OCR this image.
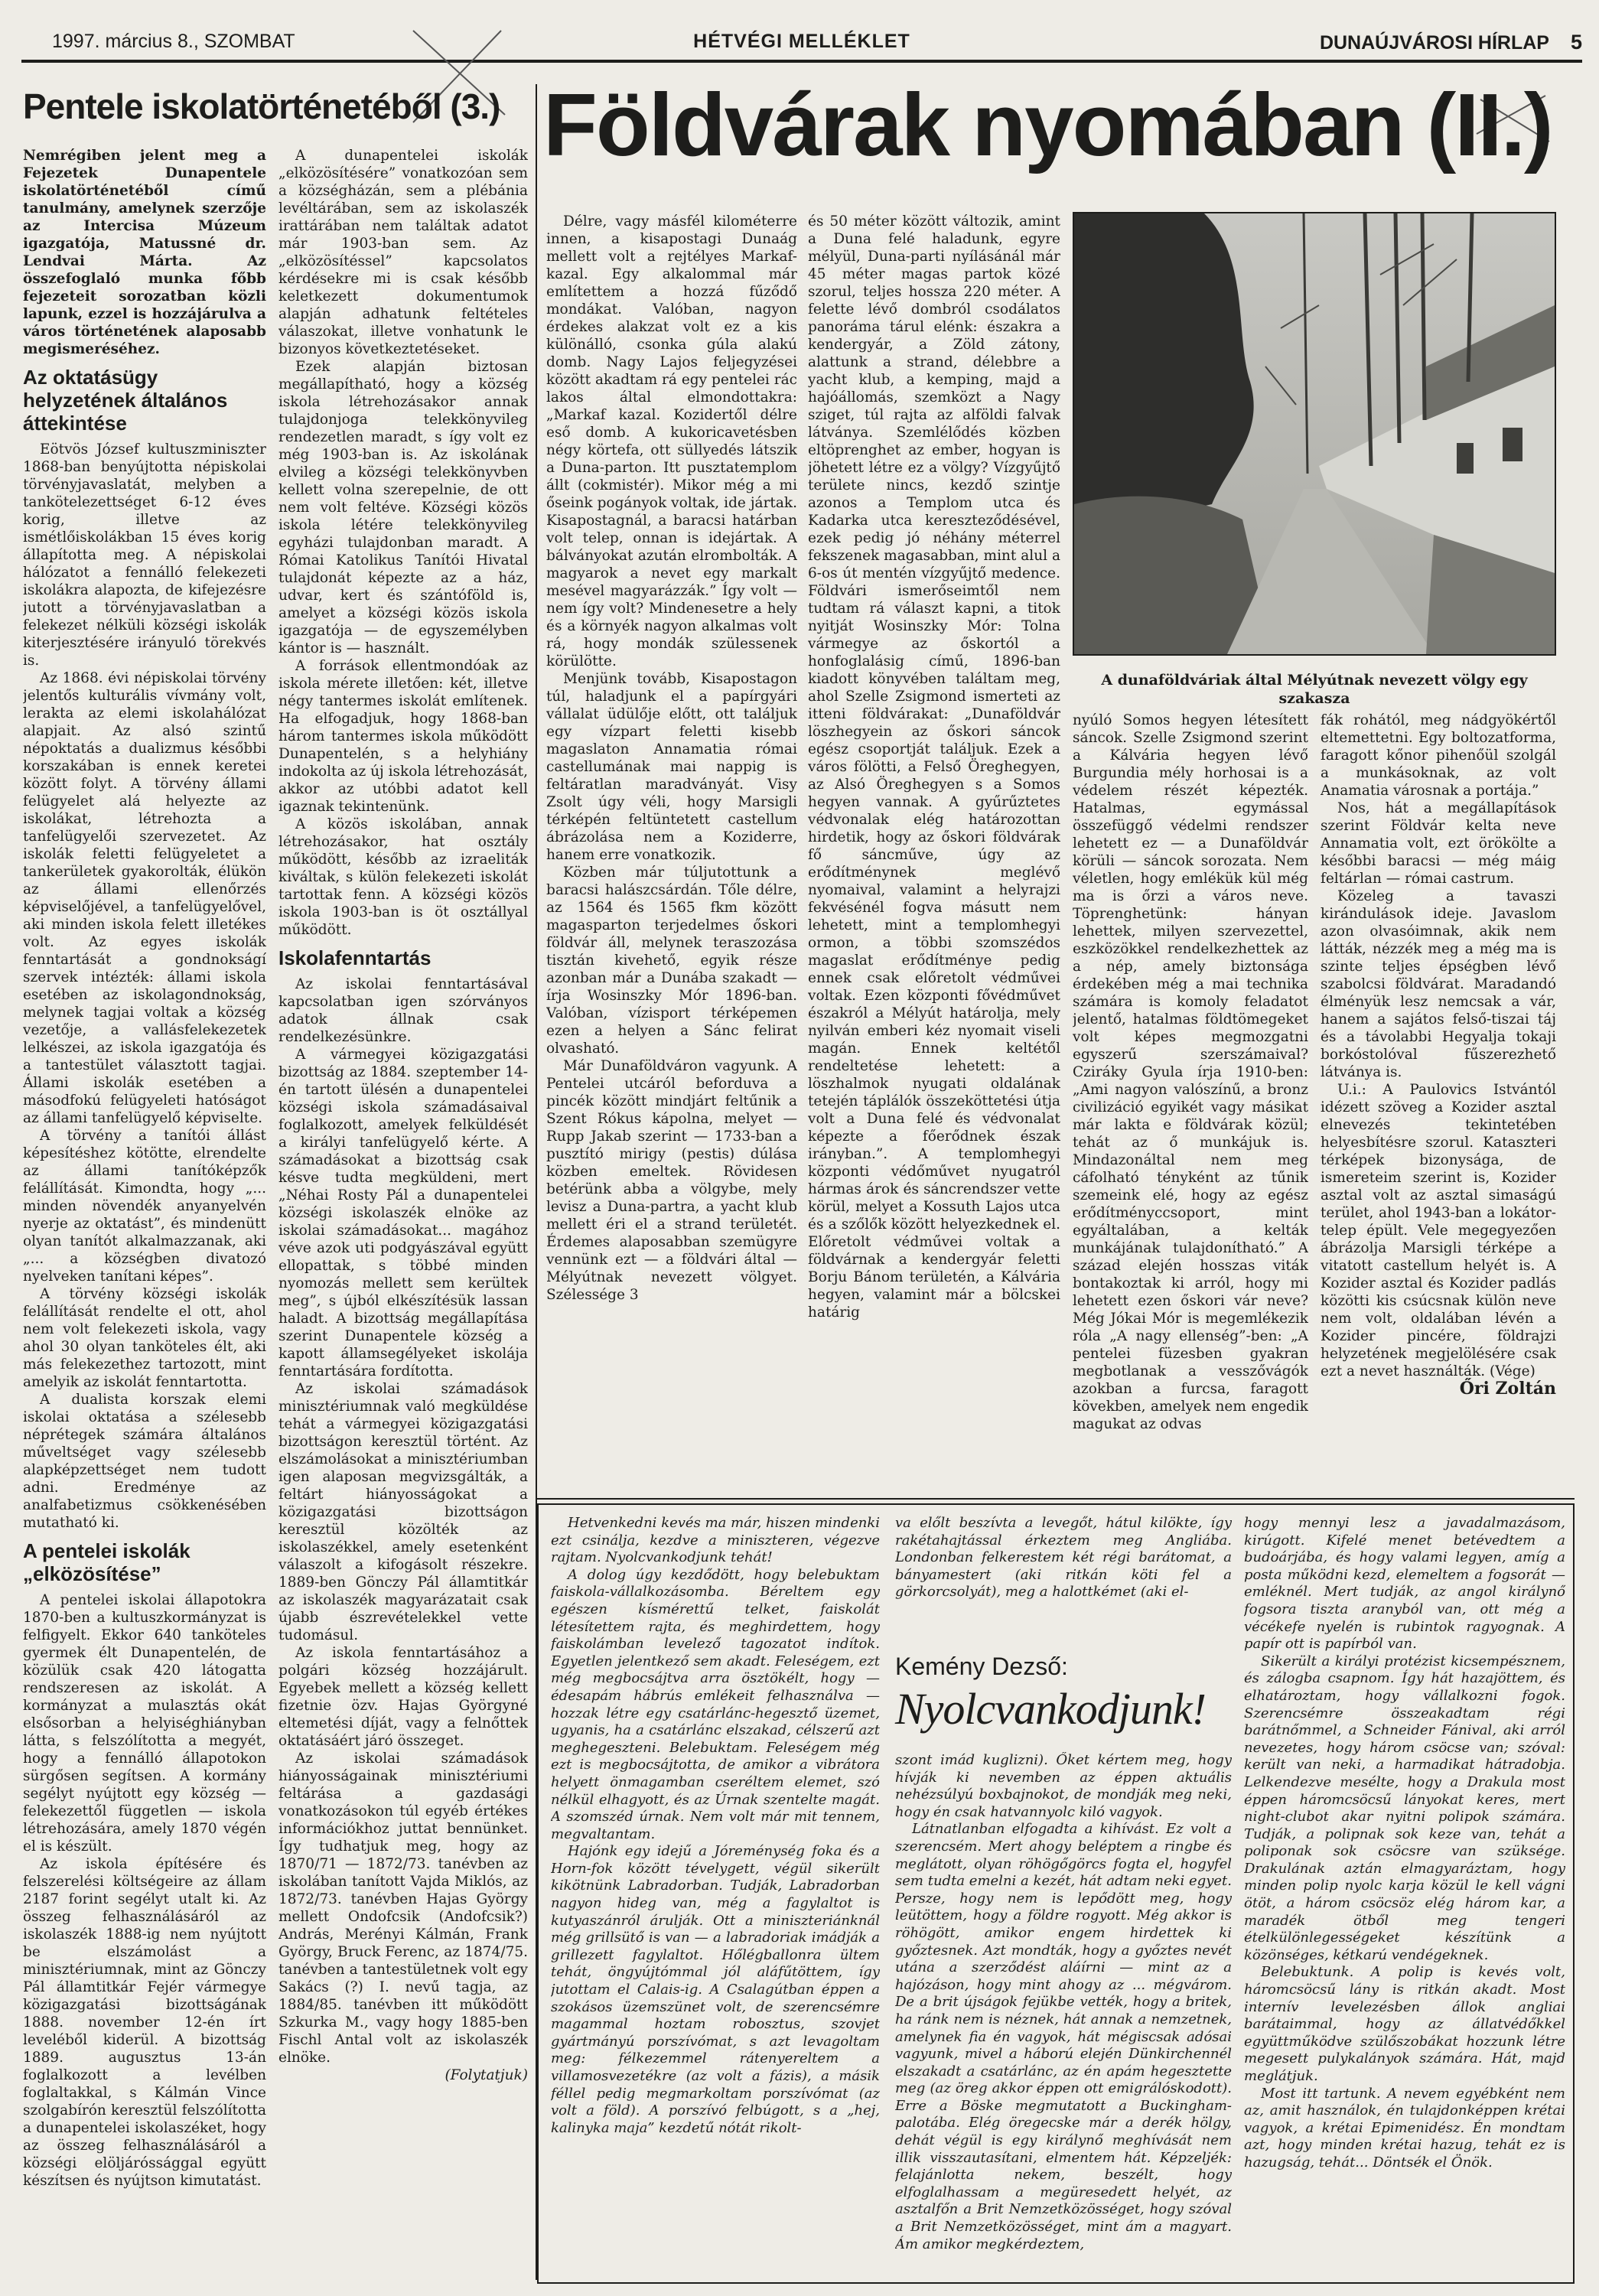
1997. március 8., SZOMBAT	HÉTVÉGI MELLÉKLET	DUNAÚJVÁROSI HÍRLAP 5
Pentele iskolatörténetéből (3.)

Nemrégiben jelent meg a Fejezetek Dunapentele iskolatörténetéből című tanulmány, amelynek szerzője az Intercisa Múzeum igazgatója, Matussné dr. Lendvai Márta. Az összefoglaló munka főbb fejezeteit sorozatban közli lapunk, ezzel is hozzájárulva a város történetének alaposabb megismeréséhez.

Az oktatásügy helyzetének általános áttekintése

Eötvös József kultuszminiszter 1868-ban benyújtotta népiskolai törvényjavaslatát, melyben a tankötelezettséget 6-12 éves korig, illetve az ismétlőiskolákban 15 éves korig állapította meg. A népiskolai hálózatot a fennálló felekezeti iskolákra alapozta, de kifejezésre jutott a törvényjavaslatban a felekezet nélküli községi iskolák kiterjesztésére irányuló törekvés is.

Az 1868. évi népiskolai törvény jelentős kulturális vívmány volt, lerakta az elemi iskolahálózat alapjait. Az alsó szintű népoktatás a dualizmus későbbi korszakában is ennek keretei között folyt. A törvény állami felügyelet alá helyezte az iskolákat, létrehozta a tanfelügyelői szervezetet. Az iskolák feletti felügyeletet a tankerületek gyakorolták, élükön az állami ellenőrzés képviselőjével, a tanfelügyelővel, aki minden iskola felett illetékes volt. Az egyes iskolák fenntartását a gondnokságí szervek intézték: állami iskola esetében az iskolagondnokság, melynek tagjai voltak a község vezetője, a vallásfelekezetek lelkészei, az iskola igazgatója és a tantestület választott tagjai. Állami iskolák esetében a másodfokú felügyeleti hatóságot az állami tanfelügyelő képviselte.

A törvény a tanítói állást képesítéshez kötötte, elrendelte az állami tanítóképzők felállítását. Kimondta, hogy „... minden növendék anyanyelvén nyerje az oktatást”, és mindenütt olyan tanítót alkalmazzanak, aki „... a községben divatozó nyelveken tanítani képes”.

A törvény községi iskolák felállítását rendelte el ott, ahol nem volt felekezeti iskola, vagy ahol 30 olyan tanköteles élt, aki más felekezethez tartozott, mint amelyik az iskolát fenntartotta.

A dualista korszak elemi iskolai oktatása a szélesebb néprétegek számára általános műveltséget vagy szélesebb alapképzettséget nem tudott adni. Eredménye az analfabetizmus csökkenésében mutatható ki.

A pentelei iskolák „elközösítése”

A pentelei iskolai állapotokra 1870-ben a kultuszkormányzat is felfigyelt. Ekkor 640 tanköteles gyermek élt Dunapentelén, de közülük csak 420 látogatta rendszeresen az iskolát. A kormányzat a mulasztás okát elsősorban a helyiséghiányban látta, s felszólította a megyét, hogy a fennálló állapotokon sürgősen segítsen. A kormány segélyt nyújtott egy község — felekezettől független — iskola létrehozására, amely 1870 végén el is készült.

Az iskola építésére és felszerelési költségeire az állam 2187 forint segélyt utalt ki. Az összeg felhasználásáról az iskolaszék 1888-ig nem nyújtott be elszámolást a minisztériumnak, mint az Gönczy Pál államtitkár Fejér vármegye közigazgatási bizottságának 1888. november 12-én írt leveléből kiderül. A bizottság 1889. augusztus 13-án foglalkozott a levélben foglaltakkal, s Kálmán Vince szolgabírón keresztül felszólította a dunapentelei iskolaszéket, hogy az összeg felhasználásáról a községi elöljáróssággal együtt készítsen és nyújtson kimutatást.

A dunapentelei iskolák „elközösítésére” vonatkozóan sem a községházán, sem a plébánia levéltárában, sem az iskolaszék irattárában nem találtak adatot már 1903-ban sem. Az „elközösítéssel” kapcsolatos kérdésekre mi is csak később keletkezett dokumentumok alapján adhatunk feltételes válaszokat, illetve vonhatunk le bizonyos következtetéseket.

Ezek alapján biztosan megállapítható, hogy a község iskola létrehozásakor annak tulajdonjoga telekkönyvileg rendezetlen maradt, s így volt ez még 1903-ban is. Az iskolának elvileg a községi telekkönyvben kellett volna szerepelnie, de ott nem volt feltéve. Községi közös iskola létére telekkönyvileg egyházi tulajdonban maradt. A Római Katolikus Tanítói Hivatal tulajdonát képezte az a ház, udvar, kert és szántóföld is, amelyet a községi közös iskola igazgatója — de egyszemélyben kántor is — használt.

A források ellentmondóak az iskola mérete illetően: két, illetve négy tantermes iskolát említenek. Ha elfogadjuk, hogy 1868-ban három tantermes iskola működött Dunapentelén, s a helyhiány indokolta az új iskola létrehozását, akkor az utóbbi adatot kell igaznak tekintenünk.

A közös iskolában, annak létrehozásakor, hat osztály működött, később az izraeliták kiváltak, s külön felekezeti iskolát tartottak fenn. A községi közös iskola 1903-ban is öt osztállyal működött.

Iskolafenntartás

Az iskolai fenntartásával kapcsolatban igen szórványos adatok állnak csak rendelkezésünkre.

A vármegyei közigazgatási bizottság az 1884. szeptember 14-én tartott ülésén a dunapentelei községi iskola számadásaival foglalkozott, amelyek felküldését a királyi tanfelügyelő kérte. A számadásokat a bizottság csak késve tudta megküldeni, mert „Néhai Rosty Pál a dunapentelei községi iskolaszék elnöke az iskolai számadásokat... magához véve azok uti podgyászával együtt ellopattak, s többé minden nyomozás mellett sem kerültek meg”, s újból elkészítésük lassan haladt. A bizottság megállapítása szerint Dunapentele község a kapott államsegélyeket iskolája fenntartására fordította.

Az iskolai számadások minisztériumnak való megküldése tehát a vármegyei közigazgatási bizottságon keresztül történt. Az elszámolásokat a minisztériumban igen alaposan megvizsgálták, a feltárt hiányosságokat a közigazgatási bizottságon keresztül közölték az iskolaszékkel, amely esetenként válaszolt a kifogásolt részekre. 1889-ben Gönczy Pál államtitkár az iskolaszék magyarázatait csak újabb észrevételekkel vette tudomásul.

Az iskola fenntartásához a polgári község hozzájárult. Egyebek mellett a község kellett fizetnie özv. Hajas Györgyné eltemetési díját, vagy a felnőttek oktatásáért járó összeget.

Az iskolai számadások hiányosságainak minisztériumi feltárása a gazdasági vonatkozásokon túl egyéb értékes információkhoz juttat bennünket. Így tudhatjuk meg, hogy az 1870/71 — 1872/73. tanévben az iskolában tanított Vajda Miklós, az 1872/73. tanévben Hajas György mellett Ondofcsik (Andofcsik?) András, Merényi Kálmán, Frank György, Bruck Ferenc, az 1874/75. tanévben a tantestületnek volt egy Sakács (?) I. nevű tagja, az 1884/85. tanévben itt működött Szkurka M., vagy hogy 1885-ben Fischl Antal volt az iskolaszék elnöke.

(Folytatjuk)

Földvárak nyomában (II.)

Délre, vagy másfél kilométerre innen, a kisapostagi Dunaág mellett volt a rejtélyes Markaf-kazal. Egy alkalommal már említettem a hozzá fűződő mondákat. Valóban, nagyon érdekes alakzat volt ez a kis különálló, csonka gúla alakú domb. Nagy Lajos feljegyzései között akadtam rá egy pentelei rác lakos által elmondottakra: „Markaf kazal. Kozidertől délre eső domb. A kukoricavetésben négy körtefa, ott süllyedés látszik a Duna-parton. Itt pusztatemplom állt (cokmistér). Mikor még a mi őseink pogányok voltak, ide jártak. Kisapostagnál, a baracsi határban volt telep, onnan is idejártak. A bálványokat azután elrombolták. A magyarok a nevet egy markalt mesével magyarázzák.” Így volt — nem így volt? Mindenesetre a hely és a környék nagyon alkalmas volt rá, hogy mondák szülessenek körülötte.

Menjünk tovább, Kisapostagon túl, haladjunk el a papírgyári vállalat üdülője előtt, ott találjuk egy vízpart feletti kisebb magaslaton Annamatia római castellumának mai nappig is feltáratlan maradványát. Visy Zsolt úgy véli, hogy Marsigli térképén feltüntetett castellum ábrázolása nem a Koziderre, hanem erre vonatkozik.

Közben már túljutottunk a baracsi halászcsárdán. Tőle délre, az 1564 és 1565 fkm között magasparton terjedelmes őskori földvár áll, melynek teraszozása tisztán kivehető, egyik része azonban már a Dunába szakadt — írja Wosinszky Mór 1896-ban. Valóban, vízisport térképemen ezen a helyen a Sánc felirat olvasható.

Már Dunaföldváron vagyunk. A Pentelei utcáról beforduva a pincék között mindjárt feltűnik a Szent Rókus kápolna, melyet — Rupp Jakab szerint — 1733-ban a pusztító mirigy (pestis) dúlása közben emeltek. Rövidesen betérünk abba a völgybe, mely levisz a Duna-partra, a yacht klub mellett éri el a strand területét. Érdemes alaposabban szemügyre vennünk ezt — a földvári által — Mélyútnak nevezett völgyet. Szélessége 3

és 50 méter között változik, amint a Duna felé haladunk, egyre mélyül, Duna-parti nyílásánál már 45 méter magas partok közé szorul, teljes hossza 220 méter. A felette lévő dombról csodálatos panoráma tárul elénk: északra a kendergyár, a Zöld zátony, alattunk a strand, délebbre a yacht klub, a kemping, majd a hajóállomás, szemközt a Nagy sziget, túl rajta az alföldi falvak látványa. Szemlélődés közben eltöprenghet az ember, hogyan is jöhetett létre ez a völgy? Vízgyűjtő területe nincs, kezdő szintje azonos a Templom utca és Kadarka utca kereszteződésével, ezek pedig jó néhány méterrel fekszenek magasabban, mint alul a 6-os út mentén vízgyűjtő medence. Földvári ismerőseimtől nem tudtam rá választ kapni, a titok nyitját Wosinszky Mór: Tolna vármegye az őskortól a honfoglalásig című, 1896-ban kiadott könyvében találtam meg, ahol Szelle Zsigmond ismerteti az itteni földvárakat: „Dunaföldvár löszhegyein az őskori sáncok egész csoportját találjuk. Ezek a város fölötti, a Felső Öreghegyen, az Alsó Öreghegyen s a Somos hegyen vannak. A gyűrűztetes védvonalak elég határozottan hirdetik, hogy az őskori földvárak fő sáncműve, úgy az erődítménynek meglévő nyomaival, valamint a helyrajzi fekvésénél fogva másutt nem lehetett, mint a templomhegyi ormon, a többi szomszédos magaslat erődítménye pedig ennek csak előretolt védművei voltak. Ezen központi fővédművet északról a Mélyút határolja, mely nyilván emberi kéz nyomait viseli magán. Ennek keltétől rendeltetése lehetett: a löszhalmok nyugati oldalának tetején táplálók összeköttetési útja volt a Duna felé és védvonalat képezte a főerődnek észak irányban.”. A templomhegyi központi védőművet nyugatról hármas árok és sáncrendszer vette körül, melyet a Kossuth Lajos utca és a szőlők között helyezkednek el. Előretolt védművei voltak a földvárnak a kendergyár feletti Borju Bánom területén, a Kálvária hegyen, valamint már a bölcskei határig

A dunaföldváriak által Mélyútnak nevezett völgy egy szakasza

nyúló Somos hegyen létesített sáncok. Szelle Zsigmond szerint a Kálvária hegyen lévő Burgundia mély horhosai is a védelem részét képezték. Hatalmas, egymással összefüggő védelmi rendszer lehetett ez — a Dunaföldvár körüli — sáncok sorozata. Nem véletlen, hogy emlékük kül még ma is őrzi a város neve. Töprenghetünk: hányan lehettek, milyen szervezettel, eszközökkel rendelkezhettek az a nép, amely biztonsága érdekében még a mai technika számára is komoly feladatot jelentő, hatalmas földtömegeket volt képes megmozgatni egyszerű szerszámaival? Cziráky Gyula írja 1910-ben: „Ami nagyon valószínű, a bronz civilizáció egyikét vagy másikat már lakta e földvárak közül; tehát az ő munkájuk is. Mindazonáltal nem meg cáfolható tényként az tűnik szemeink elé, hogy az egész erődítményccsoport, mint egyáltalában, a kelták munkájának tulajdonítható.” A század elején hosszas viták bontakoztak ki arról, hogy mi lehetett ezen őskori vár neve? Még Jókai Mór is megemlékezik róla „A nagy ellenség”-ben: „A pentelei füzesben gyakran megbotlanak a vesszővágók azokban a furcsa, faragott kövekben, amelyek nem engedik magukat az odvas

fák rohától, meg nádgyökértől eltemettetni. Egy boltozatforma, faragott kőnor pihenőül szolgál a munkásoknak, az volt Anamatia városnak a portája.”

Nos, hát a megállapítások szerint Földvár kelta neve Annamatia volt, ezt örökölte a későbbi baracsi — még máig feltárlan — római castrum.

Közeleg a tavaszi kirándulások ideje. Javaslom azon olvasóimnak, akik nem látták, nézzék meg a még ma is szinte teljes épségben lévő szabolcsi földvárat. Maradandó élményük lesz nemcsak a vár, hanem a sajátos felső-tiszai táj és a távolabbi Hegyalja tokaji borkóstolóval fűszerezhető látványa is.

U.i.: A Paulovics Istvántól idézett szöveg a Kozider asztal elnevezés tekintetében helyesbítésre szorul. Kataszteri térképek bizonysága, de ismereteim szerint is, Kozider asztal volt az asztal simaságú terület, ahol 1943-ban a lokátor-telep épült. Vele megegyezően ábrázolja Marsigli térképe a vitatott castellum helyét is. A Kozider asztal és Kozider padlás közötti kis csúcsnak külön neve nem volt, oldalában lévén a Kozider pincére, földrajzi helyzetének megjelölésére csak ezt a nevet használták. (Vége)

Őri Zoltán

Hetvenkedni kevés ma már, hiszen mindenki ezt csinálja, kezdve a miniszteren, végezve rajtam. Nyolcvankodjunk tehát!

A dolog úgy kezdődött, hogy belebuktam faiskola-vállalkozásomba. Béreltem egy egészen kísmérettű telket, faiskolát létesítettem rajta, és meghirdettem, hogy faiskolámban levelező tagozatot indítok. Egyetlen jelentkező sem akadt. Feleségem, ezt még megbocsájtva arra ösztökélt, hogy — édesapám hábrús emlékeit felhasználva — hozzak létre egy csatárlánc-hegesztő üzemet, ugyanis, ha a csatárlánc elszakad, célszerű azt meghegeszteni. Belebuktam. Feleségem még ezt is megbocsájtotta, de amikor a vibrátora helyett önmagamban cseréltem elemet, szó nélkül elhagyott, és az Úrnak szentelte magát. A szomszéd úrnak. Nem volt már mit tennem, megvaltantam.

Hajónk egy idejű a Jóreménység foka és a Horn-fok között tévelygett, végül sikerült kikötnünk Labradorban. Tudják, Labradorban nagyon hideg van, még a fagylaltot is kutyaszánról árulják. Ott a miniszteriánknál még grillsütő is van — a labradoriak imádják a grillezett fagylaltot. Hőlégballonra ültem tehát, öngyújtómmal jól aláfűtöttem, így jutottam el Calais-ig. A Csalagútban éppen a szokásos üzemszünet volt, de szerencsémre magammal hoztam robosztus, szovjet gyártmányú porszívómat, s azt levagoltam meg: félkezemmel rátenyereltem a villamosvezetékre (az volt a fázis), a másik féllel pedig megmarkoltam porszívómat (az volt a föld). A porszívó felbúgott, s a „hej, kalinyka maja” kezdetű nótát rikolt-

va előlt beszívta a levegőt, hátul kilökte, így rakétahajtással érkeztem meg Angliába. Londonban felkerestem két régi barátomat, a bányamestert (aki ritkán köti fel a görkorcsolyát), meg a halottkémet (aki el-

Kemény Dezső:
Nyolcvankodjunk!

szont imád kuglizni). Őket kértem meg, hogy hívják ki nevemben az éppen aktuális nehézsúlyú boxbajnokot, de mondják meg neki, hogy én csak hatvannyolc kiló vagyok.

Látnatlanban elfogadta a kihívást. Ez volt a szerencsém. Mert ahogy beléptem a ringbe és meglátott, olyan röhögőgörcs fogta el, hogyfel sem tudta emelni a kezét, hát adtam neki egyet. Persze, hogy nem is lepődött meg, hogy leütöttem, hogy a földre rogyott. Még akkor is röhögött, amikor engem hirdettek ki győztesnek. Azt mondták, hogy a győztes nevét utána a szerződést aláírni — mint az a hajózáson, hogy mint ahogy az ... mégvárom. De a brit újságok fejükbe vették, hogy a britek, ha ránk nem is néznek, hát annak a nemzetnek, amelynek fia én vagyok, hát mégiscsak adósai vagyunk, mivel a háború elején Dünkirchennél elszakadt a csatárlánc, az én apám hegesztette meg (az öreg akkor éppen ott emigrálóskodott). Erre a Böske megmutatott a Buckingham-palotába. Elég öregecske már a derék hölgy, dehát végül is egy királynő meghívását nem illik visszautasítani, elmentem hát. Képzeljék: felajánlotta nekem, beszélt, hogy elfoglalhassam a megüresedett helyét, az asztalfőn a Brit Nemzetközösséget, hogy szóval a Brit Nemzetközösséget, mint ám a magyart. Ám amikor megkérdeztem,

hogy mennyi lesz a javadalmazásom, kirúgott. Kifelé menet betévedtem a budoárjába, és hogy valami legyen, amíg a posta működni kezd, elemeltem a fogsorát — emléknél. Mert tudják, az angol királynő fogsora tiszta aranyból van, ott még a vécékefe nyelén is rubintok ragyognak. A papír ott is papírból van.

Sikerült a királyi protézist kicsempésznem, és zálogba csapnom. Így hát hazajöttem, és elhatároztam, hogy vállalkozni fogok. Szerencsémre összeakadtam régi barátnőmmel, a Schneider Fánival, aki arról nevezetes, hogy három csöcse van; szóval: került van neki, a harmadikat hátradobja. Lelkendezve mesélte, hogy a Drakula most éppen háromcsöcsű lányokat keres, mert night-clubot akar nyitni polipok számára. Tudják, a polipnak sok keze van, tehát a poliponak sok csöcsre van szüksége. Drakulának aztán elmagyaráztam, hogy minden polip nyolc karja közül le kell vágni ötöt, a három csöcsöz elég három kar, a maradék ötből meg tengeri ételkülönlegességeket készítünk a közönséges, kétkarú vendégeknek.

Belebuktunk. A polip is kevés volt, háromcsöcsű lány is ritkán akadt. Most internív levelezésben állok angliai barátaimmal, hogy az állatvédőkkel együttműködve szülőszobákat hozzunk létre megesett pulykalányok számára. Hát, majd meglátjuk.

Most itt tartunk. A nevem egyébként nem az, amit használok, én tulajdonképpen krétai vagyok, a krétai Epimenidész. Én mondtam azt, hogy minden krétai hazug, tehát ez is hazugság, tehát... Döntsék el Önök.
